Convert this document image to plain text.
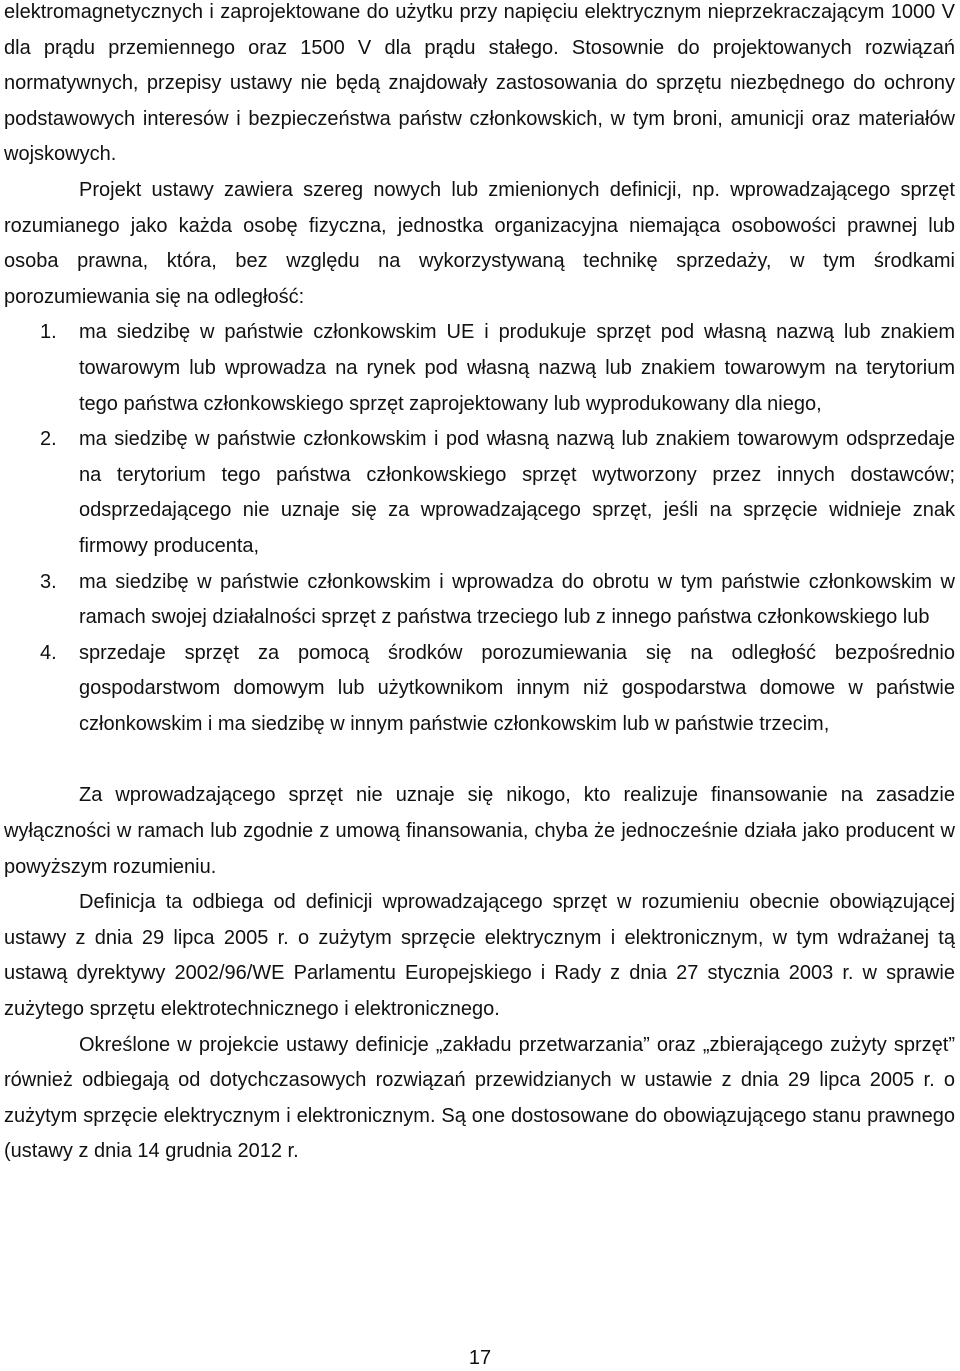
elektromagnetycznych i zaprojektowane do użytku przy napięciu elektrycznym nieprzekraczającym 1000 V dla prądu przemiennego oraz 1500 V dla prądu stałego. Stosownie do projektowanych rozwiązań normatywnych, przepisy ustawy nie będą znajdowały zastosowania do sprzętu niezbędnego do ochrony podstawowych interesów i bezpieczeństwa państw członkowskich, w tym broni, amunicji oraz materiałów wojskowych.

Projekt ustawy zawiera szereg nowych lub zmienionych definicji, np. wprowadzającego sprzęt rozumianego jako każda osobę fizyczna, jednostka organizacyjna niemająca osobowości prawnej lub osoba prawna, która, bez względu na wykorzystywaną technikę sprzedaży, w tym środkami porozumiewania się na odległość:

1. ma siedzibę w państwie członkowskim UE i produkuje sprzęt pod własną nazwą lub znakiem towarowym lub wprowadza na rynek pod własną nazwą lub znakiem towarowym na terytorium tego państwa członkowskiego sprzęt zaprojektowany lub wyprodukowany dla niego,
2. ma siedzibę w państwie członkowskim i pod własną nazwą lub znakiem towarowym odsprzedaje na terytorium tego państwa członkowskiego sprzęt wytworzony przez innych dostawców; odsprzedającego nie uznaje się za wprowadzającego sprzęt, jeśli na sprzęcie widnieje znak firmowy producenta,
3. ma siedzibę w państwie członkowskim i wprowadza do obrotu w tym państwie członkowskim w ramach swojej działalności sprzęt z państwa trzeciego lub z innego państwa członkowskiego lub
4. sprzedaje sprzęt za pomocą środków porozumiewania się na odległość bezpośrednio gospodarstwom domowym lub użytkownikom innym niż gospodarstwa domowe w państwie członkowskim i ma siedzibę w innym państwie członkowskim lub w państwie trzecim,

Za wprowadzającego sprzęt nie uznaje się nikogo, kto realizuje finansowanie na zasadzie wyłączności w ramach lub zgodnie z umową finansowania, chyba że jednocześnie działa jako producent w powyższym rozumieniu.

Definicja ta odbiega od definicji wprowadzającego sprzęt w rozumieniu obecnie obowiązującej ustawy z dnia 29 lipca 2005 r. o zużytym sprzęcie elektrycznym i elektronicznym, w tym wdrażanej tą ustawą dyrektywy 2002/96/WE Parlamentu Europejskiego i Rady z dnia 27 stycznia 2003 r. w sprawie zużytego sprzętu elektrotechnicznego i elektronicznego.

Określone w projekcie ustawy definicje „zakładu przetwarzania” oraz „zbierającego zużyty sprzęt” również odbiegają od dotychczasowych rozwiązań przewidzianych w ustawie z dnia 29 lipca 2005 r. o zużytym sprzęcie elektrycznym i elektronicznym. Są one dostosowane do obowiązującego stanu prawnego (ustawy z dnia 14 grudnia 2012 r.

17
